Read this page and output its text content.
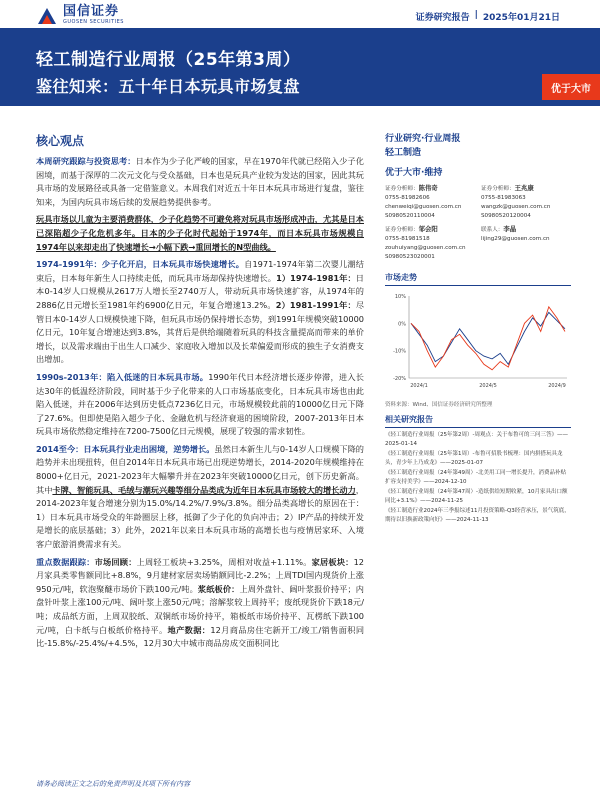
国信证券
GUOSEN SECURITIES	证券研究报告 | 2025年01月21日
轻工制造行业周报（25年第3周）
鉴往知来：五十年日本玩具市场复盘	优于大市
核心观点

本周研究跟踪与投资思考：日本作为少子化严峻的国家，早在1970年代就已经陷入少子化困境，而基于深厚的二次元文化与受众基础，日本也是玩具产业较为发达的国家，因此其玩具市场的发展路径或具备一定借鉴意义。本周我们对近五十年日本玩具市场进行复盘，鉴往知来，为国内玩具市场后续的发展趋势提供参考。

玩具市场以儿童为主要消费群体，少子化趋势不可避免将对玩具市场形成冲击，尤其是日本已深陷超少子化危机多年。日本的少子化时代起始于1974年，而日本玩具市场规模自1974年以来却走出了快速增长→小幅下跌→重回增长的N型曲线。

1974-1991年：少子化开启，日本玩具市场快速增长。自1971-1974年第二次婴儿潮结束后，日本每年新生人口持续走低，而玩具市场却保持快速增长。1）1974-1981年：日本0-14岁人口规模从2617万人增长至2740万人，带动玩具市场快速扩容，从1974年的2886亿日元增长至1981年约6900亿日元，年复合增速13.2%。2）1981-1991年：尽管日本0-14岁人口规模快速下降，但玩具市场仍保持增长态势，到1991年规模突破10000亿日元，10年复合增速达到3.8%，其背后是供给端随着玩具的科技含量提高而带来的单价增长，以及需求端由于出生人口减少、家庭收入增加以及长辈偏爱而形成的独生子女消费支出增加。

1990s-2013年：陷入低迷的日本玩具市场。1990年代日本经济增长逐步停滞，进入长达30年的低温经济阶段，同时基于少子化带来的人口市场基底变化，日本玩具市场也由此陷入低迷，并在2006年达到历史低点7236亿日元，市场规模较此前的10000亿日元下降了27.6%。但即使是陷入超少子化、金融危机与经济衰退的困境阶段，2007-2013年日本玩具市场依然稳定维持在7200-7500亿日元规模，展现了较强的需求韧性。

2014至今：日本玩具行业走出困境，逆势增长。虽然日本新生儿与0-14岁人口规模下降的趋势并未出现扭转，但自2014年日本玩具市场已出现逆势增长，2014-2020年规模维持在8000+亿日元，2021-2023年大幅攀升并在2023年突破10000亿日元，创下历史新高。其中卡牌、智能玩具、毛绒与潮玩兴趣等细分品类成为近年日本玩具市场较大的增长动力，2014-2023年复合增速分别为15.0%/14.2%/7.9%/3.8%。细分品类高增长的原因在于：1）日本玩具市场受众的年龄圈层上移，抵御了少子化的负向冲击；2）IP产品的持续开发是增长的底层基础；3）此外，2021年以来日本玩具市场的高增长也与疫情居家环、入境客户旅游消费需求有关。

重点数据跟踪：市场回顾：上周轻工板块+3.25%，周相对收益+1.11%。家居板块：12月家具类零售额同比+8.8%，9月建材家居卖场销额同比-2.2%；上周TDI国内现货价上涨950元/吨，软泡聚醚市场价下跌100元/吨。浆纸板价：上周外盘针、阔叶浆报价持平；内盘针叶浆上涨100元/吨、阔叶浆上涨50元/吨；溶解浆较上周持平；废纸现货价下跌18元/吨；成品纸方面，上周双胶纸、双铜纸市场价持平，箱板纸市场价持平、瓦楞纸下跌100元/吨，白卡纸与白板纸价格持平。地产数据：12月商品房住宅新开工/竣工/销售面积同比-15.8%/-25.4%/+4.5%，12月30大中城市商品房成交面积同比

行业研究·行业周报
轻工制造
优于大市·维持
证券分析师：陈伟奇
0755-81982606
chenweiqi@guosen.com.cn
S0980520110004
证券分析师：王兆康
0755-81983063
wangzk@guosen.com.cn
S0980520120004
证券分析师：邹会阳
0755-81981518
zouhuiyang@guosen.com.cn
S0980523020001
联系人：李晶
lijing29@guosen.com.cn
市场走势
10%
0%
-10%
-20%
2024/1	2024/5	2024/9
资料来源：Wind、国信证券经济研究所整理
相关研究报告
《轻工制造行业周报（25年第2周）-周观点：关于布鲁可的三问三答》——2025-01-14
《轻工制造行业周报（25年第1周）-布鲁可招股书梳理：国内拼搭玩具龙头，青少年上乃成龙》——2025-01-07
《轻工制造行业周报（24年第49周）-北美用工同一增长提升，消费品补贴扩容支持美学》——2024-12-10
《轻工制造行业周报（24年第47周）-造纸供给短期收紧，10月家具出口额同比+3.1%》——2024-11-25
《轻工制造行业2024年三季报综述11月投资策略-Q3经营承压，景气筑底，期待以旧换新政策向好》——2024-11-13
请务必阅读正文之后的免责声明及其项下所有内容
